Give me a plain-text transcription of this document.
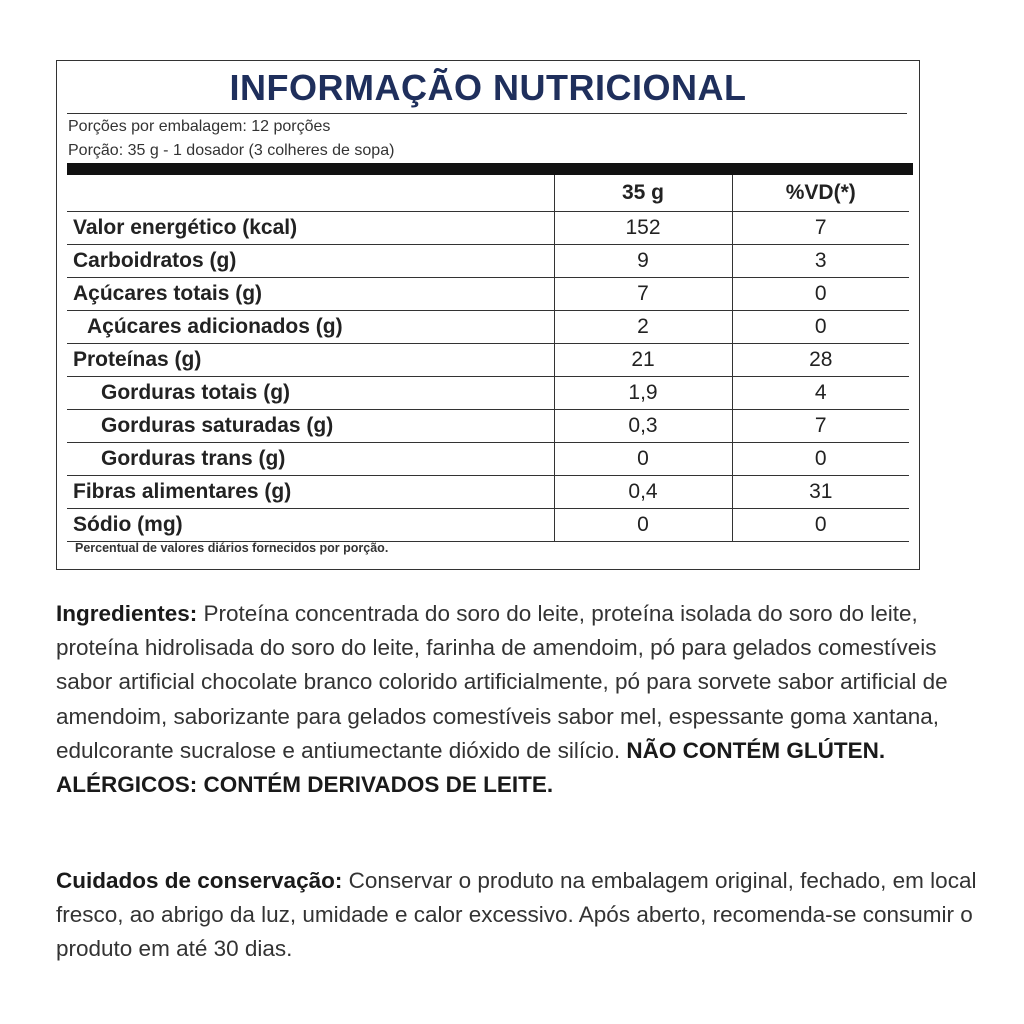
INFORMAÇÃO NUTRICIONAL
Porções por embalagem: 12 porções
Porção: 35 g - 1 dosador (3 colheres de sopa)
	35 g	%VD(*)
Valor energético (kcal)	152	7
Carboidratos (g)	9	3
Açúcares totais (g)	7	0
Açúcares adicionados (g)	2	0
Proteínas (g)	21	28
Gorduras totais (g)	1,9	4
Gorduras saturadas (g)	0,3	7
Gorduras trans (g)	0	0
Fibras alimentares (g)	0,4	31
Sódio (mg)	0	0
Percentual de valores diários fornecidos por porção.

Ingredientes: Proteína concentrada do soro do leite, proteína isolada do soro do leite, proteína hidrolisada do soro do leite, farinha de amendoim, pó para gelados comestíveis sabor artificial chocolate branco colorido artificialmente, pó para sorvete sabor artificial de amendoim, saborizante para gelados comestíveis sabor mel, espessante goma xantana, edulcorante sucralose e antiumectante dióxido de silício. NÃO CONTÉM GLÚTEN. ALÉRGICOS: CONTÉM DERIVADOS DE LEITE.

Cuidados de conservação: Conservar o produto na embalagem original, fechado, em local fresco, ao abrigo da luz, umidade e calor excessivo. Após aberto, recomenda-se consumir o produto em até 30 dias.
